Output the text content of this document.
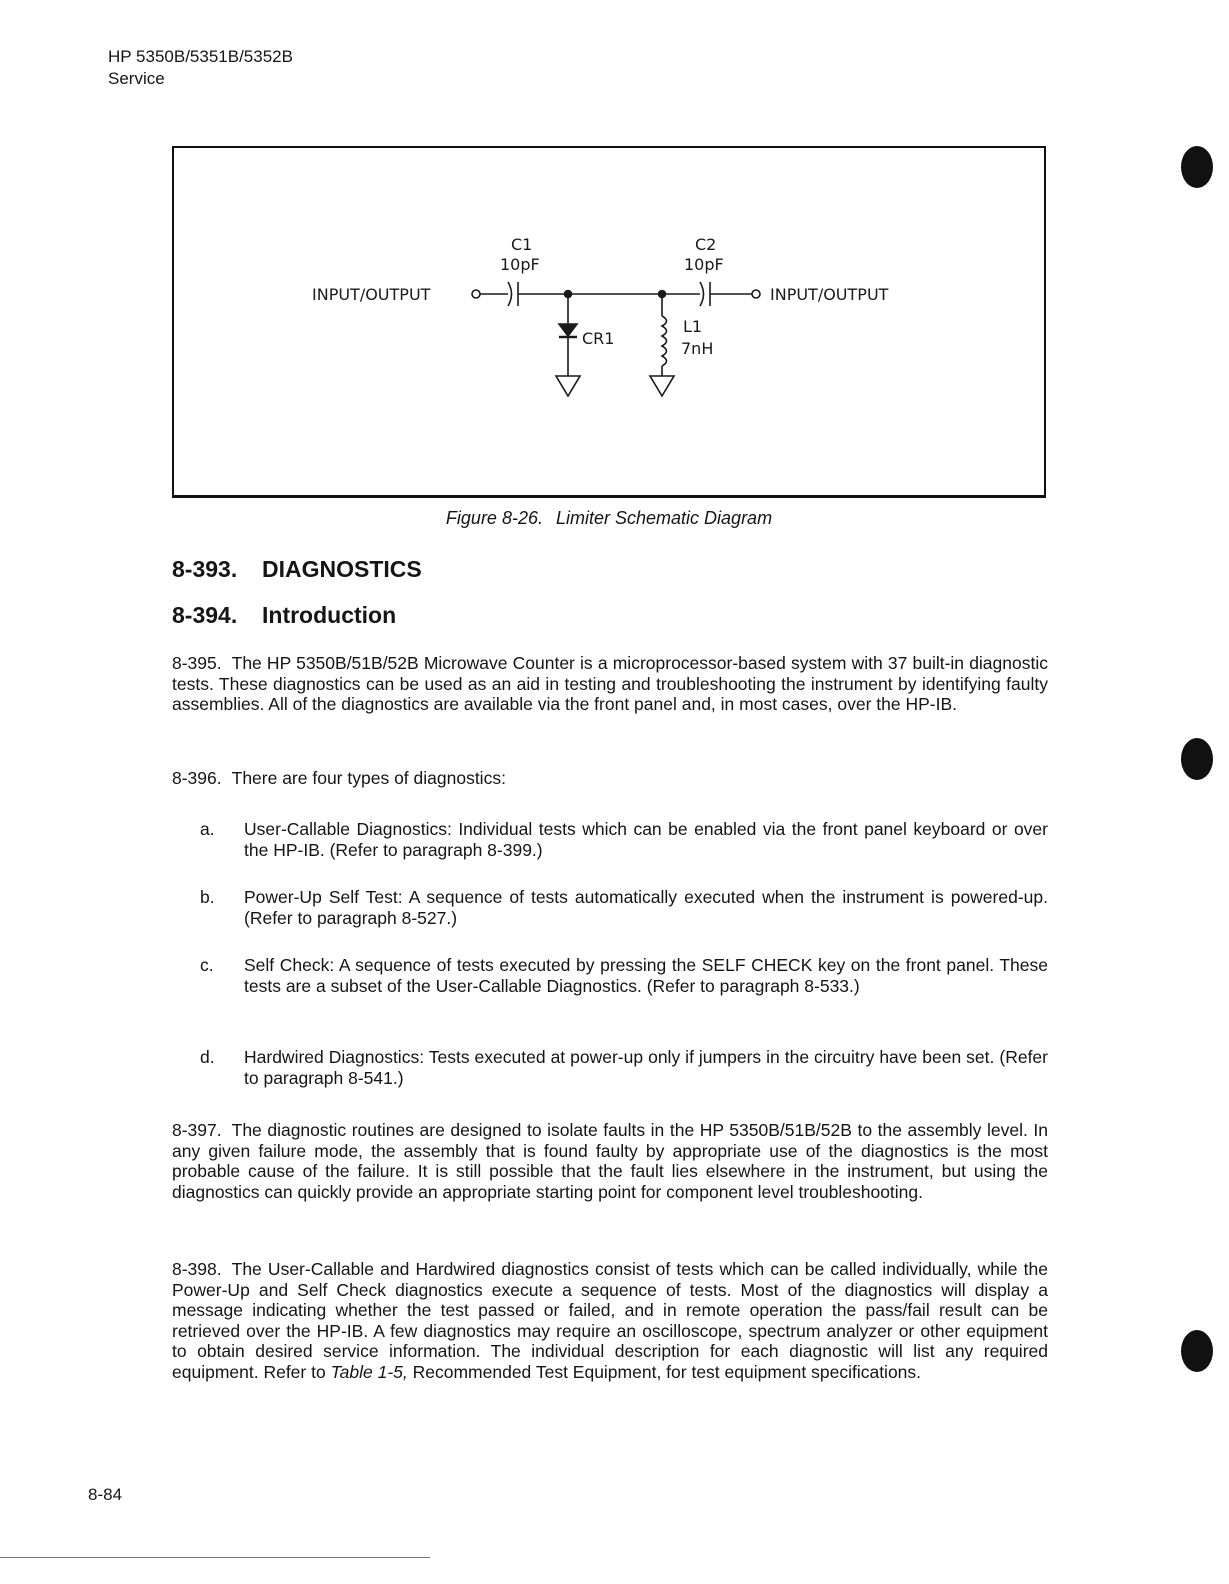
HP 5350B/5351B/5352B
Service
INPUT/OUTPUT	INPUT/OUTPUT
C1
10pF
C2
10pF
CR1
L1
7nH
Figure 8-26. Limiter Schematic Diagram
8-393. DIAGNOSTICS
8-394. Introduction

8-395. The HP 5350B/51B/52B Microwave Counter is a microprocessor-based system with 37 built-in diagnostic tests. These diagnostics can be used as an aid in testing and troubleshooting the instrument by identifying faulty assemblies. All of the diagnostics are available via the front panel and, in most cases, over the HP-IB.

8-396. There are four types of diagnostics:

a. User-Callable Diagnostics: Individual tests which can be enabled via the front panel keyboard or over the HP-IB. (Refer to paragraph 8-399.)
b. Power-Up Self Test: A sequence of tests automatically executed when the instrument is powered-up. (Refer to paragraph 8-527.)
c. Self Check: A sequence of tests executed by pressing the SELF CHECK key on the front panel. These tests are a subset of the User-Callable Diagnostics. (Refer to paragraph 8-533.)
d. Hardwired Diagnostics: Tests executed at power-up only if jumpers in the circuitry have been set. (Refer to paragraph 8-541.)

8-397. The diagnostic routines are designed to isolate faults in the HP 5350B/51B/52B to the assembly level. In any given failure mode, the assembly that is found faulty by appropriate use of the diagnostics is the most probable cause of the failure. It is still possible that the fault lies elsewhere in the instrument, but using the diagnostics can quickly provide an appropriate starting point for component level troubleshooting.

8-398. The User-Callable and Hardwired diagnostics consist of tests which can be called individually, while the Power-Up and Self Check diagnostics execute a sequence of tests. Most of the diagnostics will display a message indicating whether the test passed or failed, and in remote operation the pass/fail result can be retrieved over the HP-IB. A few diagnostics may require an oscilloscope, spectrum analyzer or other equipment to obtain desired service information. The individual description for each diagnostic will list any required equipment. Refer to Table 1-5, Recommended Test Equipment, for test equipment specifications.

8-84
